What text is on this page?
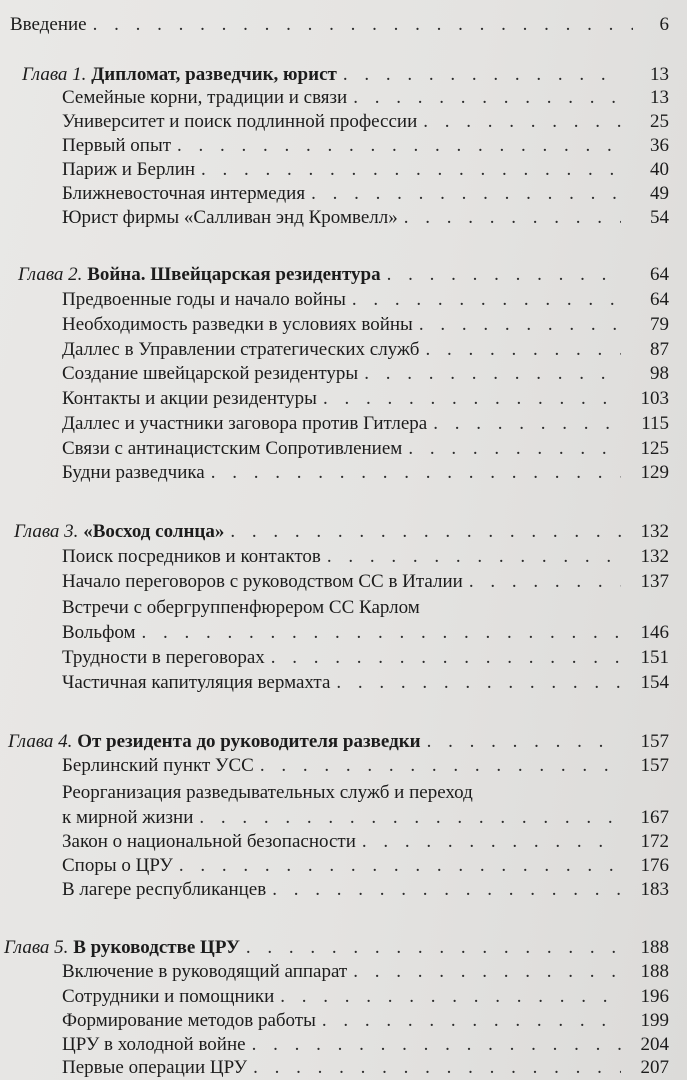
Введение . . .	6
Глава 1. Дипломат, разведчик, юрист . . .	13
Семейные корни, традиции и связи . . .	13
Университет и поиск подлинной профессии . . .	25
Первый опыт . . .	36
Париж и Берлин . . .	40
Ближневосточная интермедия . . .	49
Юрист фирмы «Салливан энд Кромвелл» . . .	54
Глава 2. Война. Швейцарская резидентура . . .	64
Предвоенные годы и начало войны . . .	64
Необходимость разведки в условиях войны . . .	79
Даллес в Управлении стратегических служб . . .	87
Создание швейцарской резидентуры . . .	98
Контакты и акции резидентуры . . .	103
Даллес и участники заговора против Гитлера . . .	115
Связи с антинацистским Сопротивлением . . .	125
Будни разведчика . . .	129
Глава 3. «Восход солнца» . . .	132
Поиск посредников и контактов . . .	132
Начало переговоров с руководством СС в Италии . . .	137
Встречи с обергруппенфюрером СС Карлом
Вольфом . . .	146
Трудности в переговорах . . .	151
Частичная капитуляция вермахта . . .	154
Глава 4. От резидента до руководителя разведки . . .	157
Берлинский пункт УСС . . .	157
Реорганизация разведывательных служб и переход
к мирной жизни . . .	167
Закон о национальной безопасности . . .	172
Споры о ЦРУ . . .	176
В лагере республиканцев . . .	183
Глава 5. В руководстве ЦРУ . . .	188
Включение в руководящий аппарат . . .	188
Сотрудники и помощники . . .	196
Формирование методов работы . . .	199
ЦРУ в холодной войне . . .	204
Первые операции ЦРУ . . .	207
